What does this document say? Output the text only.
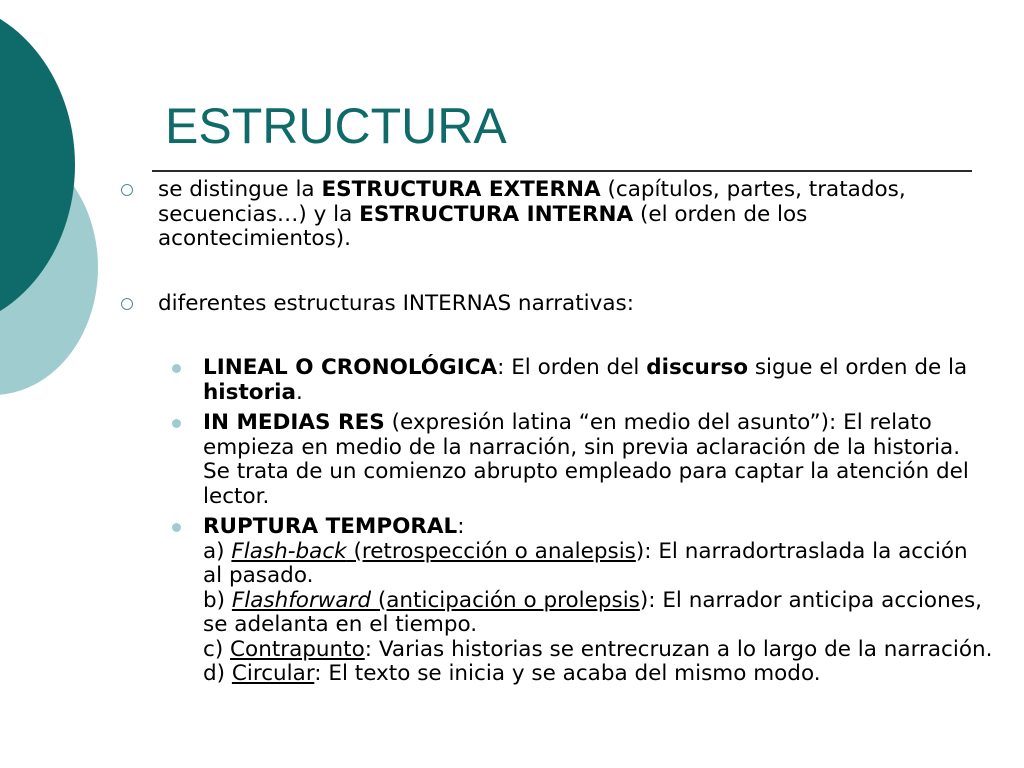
ESTRUCTURA
se distingue la ESTRUCTURA EXTERNA (capítulos, partes, tratados, secuencias…) y la ESTRUCTURA INTERNA (el orden de los acontecimientos).
diferentes estructuras INTERNAS narrativas:
LINEAL O CRONOLÓGICA: El orden del discurso sigue el orden de la historia.
IN MEDIAS RES (expresión latina “en medio del asunto”): El relato empieza en medio de la narración, sin previa aclaración de la historia. Se trata de un comienzo abrupto empleado para captar la atención del lector.
RUPTURA TEMPORAL:
a) Flash-back (retrospección o analepsis): El narradortraslada la acción al pasado.
b) Flashforward (anticipación o prolepsis): El narrador anticipa acciones, se adelanta en el tiempo.
c) Contrapunto: Varias historias se entrecruzan a lo largo de la narración.
d) Circular: El texto se inicia y se acaba del mismo modo.
